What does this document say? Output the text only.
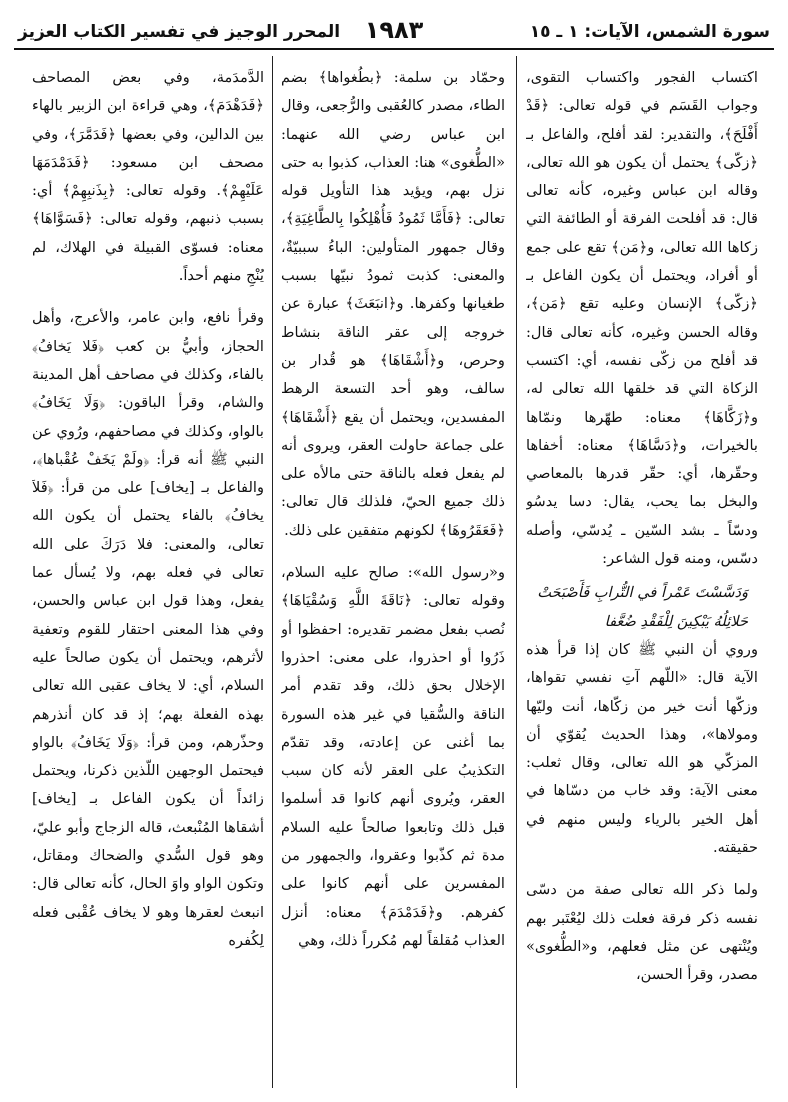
سورة الشمس، الآيات: ١ ـ ١٥
١٩٨٣
المحرر الوجيز في تفسير الكتاب العزيز

اكتساب الفجور واكتساب التقوى، وجواب القَسَم في قوله تعالى: ﴿قَدْ أَفْلَحَ﴾، والتقدير: لقد أفلح، والفاعل بـ ﴿زكّى﴾ يحتمل أن يكون هو الله تعالى، وقاله ابن عباس وغيره، كأنه تعالى قال: قد أفلحت الفرقة أو الطائفة التي زكاها الله تعالى، و﴿مَن﴾ تقع على جمع أو أفراد، ويحتمل أن يكون الفاعل بـ ﴿زكّى﴾ الإنسان وعليه تقع ﴿مَن﴾، وقاله الحسن وغيره، كأنه تعالى قال: قد أفلح من زكّى نفسه، أي: اكتسب الزكاة التي قد خلقها الله تعالى له، و﴿زَكَّاهَا﴾ معناه: طهّرها ونمّاها بالخيرات، و﴿دَسَّاهَا﴾ معناه: أخفاها وحقّرها، أي: حقّر قدرها بالمعاصي والبخل بما يحب، يقال: دسا يدسُو ودسّاً ـ بشد السّين ـ يُدسّي، وأصله دسّس، ومنه قول الشاعر:

وَدَسَّسْتَ عَمْراً في التُّرابِ فَأَصْبَحَتْ
حَلائِلُهُ يَبْكِينَ لِلْفَقْدِ ضُعَّفا

وروي أن النبي ﷺ كان إذا قرأ هذه الآية قال: «اللّهم آتِ نفسي تقواها، وزكّها أنت خير من زكّاها، أنت وليّها ومولاها»، وهذا الحديث يُقوّي أن المزكّي هو الله تعالى، وقال ثعلب: معنى الآية: وقد خاب من دسّاها في أهل الخير بالرياء وليس منهم في حقيقته.

ولما ذكر الله تعالى صفة من دسّى نفسه ذكر فرقة فعلت ذلك ليُعْتَبر بهم ويُنْتهى عن مثل فعلهم، و«الطُّغوى» مصدر، وقرأ الحسن،

وحمّاد بن سلمة: ﴿بطُغواها﴾ بضم الطاء، مصدر كالعُقبى والرُّجعى، وقال ابن عباس رضي الله عنهما: «الطُّغوى» هنا: العذاب، كذبوا به حتى نزل بهم، ويؤيد هذا التأويل قوله تعالى: ﴿فَأَمَّا ثَمُودُ فَأُهْلِكُوا بِالطَّاغِيَةِ﴾، وقال جمهور المتأولين: الباءُ سببيّةٌ، والمعنى: كذبت ثمودُ نبيّها بسبب طغيانها وكفرها. و﴿انبَعَثَ﴾ عبارة عن خروجه إلى عقر الناقة بنشاط وحرص، و﴿أَشْقَاهَا﴾ هو قُدار بن سالف، وهو أحد التسعة الرهط المفسدين، ويحتمل أن يقع ﴿أَشْقَاهَا﴾ على جماعة حاولت العقر، ويروى أنه لم يفعل فعله بالناقة حتى مالأه على ذلك جميع الحيّ، فلذلك قال تعالى: ﴿فَعَقَرُوهَا﴾ لكونهم متفقين على ذلك.

و«رسول الله»: صالح عليه السلام، وقوله تعالى: ﴿نَاقَةَ اللَّهِ وَسُقْيَاهَا﴾ نُصب بفعل مضمر تقديره: احفظوا أو ذَرُوا أو احذروا، على معنى: احذروا الإخلال بحق ذلك، وقد تقدم أمر الناقة والسُّقيا في غير هذه السورة بما أغنى عن إعادته، وقد تقدّم التكذيبُ على العقر لأنه كان سبب العقر، ويُروى أنهم كانوا قد أسلموا قبل ذلك وتابعوا صالحاً عليه السلام مدة ثم كذّبوا وعقروا، والجمهور من المفسرين على أنهم كانوا على كفرهم. و﴿فَدَمْدَمَ﴾ معناه: أنزل العذاب مُقلقاً لهم مُكرراً ذلك، وهي

الدَّمدَمة، وفي بعض المصاحف ﴿فَدَهْدَمَ﴾، وهي قراءة ابن الزبير بالهاء بين الدالين، وفي بعضها ﴿فَدَمَّرَ﴾، وفي مصحف ابن مسعود: ﴿فَدَمْدَمَهَا عَلَيْهِمْ﴾. وقوله تعالى: ﴿بِذَنبِهِمْ﴾ أي: بسبب ذنبهم، وقوله تعالى: ﴿فَسَوَّاهَا﴾ معناه: فسوّى القبيلة في الهلاك، لم يُنْجِ منهم أحداً.

وقرأ نافع، وابن عامر، والأعرج، وأهل الحجاز، وأبيُّ بن كعب ﴿فَلا يَخافُ﴾ بالفاء، وكذلك في مصاحف أهل المدينة والشام، وقرأ الباقون: ﴿وَلَا يَخَافُ﴾ بالواو، وكذلك في مصاحفهم، ورُوي عن النبي ﷺ أنه قرأ: ﴿ولَمْ يَخَفْ عُقْباها﴾، والفاعل بـ [يخاف] على من قرأ: ﴿فَلاَ يخافُ﴾ بالفاء يحتمل أن يكون الله تعالى، والمعنى: فلا دَرَكَ على الله تعالى في فعله بهم، ولا يُسأل عما يفعل، وهذا قول ابن عباس والحسن، وفي هذا المعنى احتقار للقوم وتعفية لأثرهم، ويحتمل أن يكون صالحاً عليه السلام، أي: لا يخاف عقبى الله تعالى بهذه الفعلة بهم؛ إذ قد كان أنذرهم وحذّرهم، ومن قرأ: ﴿وَلَا يَخَافُ﴾ بالواو فيحتمل الوجهين اللّذين ذكرنا، ويحتمل زائداً أن يكون الفاعل بـ [يخاف] أشقاها المُنْبعث، قاله الزجاج وأبو عليّ، وهو قول السُّدي والضحاك ومقاتل، وتكون الواو واوَ الحال، كأنه تعالى قال: انبعث لعقرها وهو لا يخاف عُقْبى فعله لِكُفره
